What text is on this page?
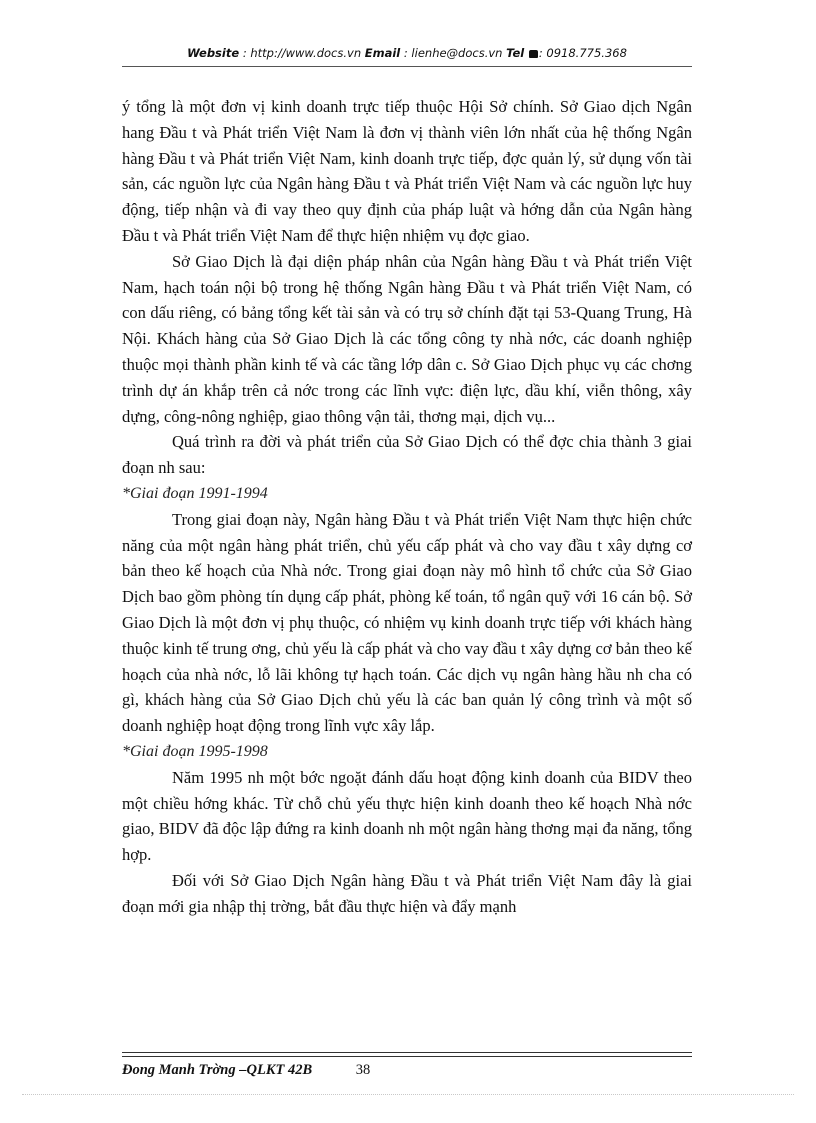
Website : http://www.docs.vn Email : lienhe@docs.vn Tel : 0918.775.368

ý tổng là một đơn vị kinh doanh trực tiếp thuộc Hội Sở chính. Sở Giao dịch Ngân hang Đầu t và Phát triển Việt Nam là đơn vị thành viên lớn nhất của hệ thống Ngân hàng Đầu t và Phát triển Việt Nam, kinh doanh trực tiếp, đợc quản lý, sử dụng vốn tài sản, các nguồn lực của Ngân hàng Đầu t và Phát triển Việt Nam và các nguồn lực huy động, tiếp nhận và đi vay theo quy định của pháp luật và hớng dẫn của Ngân hàng Đầu t và Phát triển Việt Nam để thực hiện nhiệm vụ đợc giao.

Sở Giao Dịch là đại diện pháp nhân của Ngân hàng Đầu t và Phát triển Việt Nam, hạch toán nội bộ trong hệ thống Ngân hàng Đầu t và Phát triển Việt Nam, có con dấu riêng, có bảng tổng kết tài sản và có trụ sở chính đặt tại 53-Quang Trung, Hà Nội. Khách hàng của Sở Giao Dịch là các tổng công ty nhà nớc, các doanh nghiệp thuộc mọi thành phần kinh tế và các tầng lớp dân c. Sở Giao Dịch phục vụ các chơng trình dự án khắp trên cả nớc trong các lĩnh vực: điện lực, dầu khí, viễn thông, xây dựng, công-nông nghiệp, giao thông vận tải, thơng mại, dịch vụ...

Quá trình ra đời và phát triển của Sở Giao Dịch có thể đợc chia thành 3 giai đoạn nh sau:

*Giai đoạn 1991-1994

Trong giai đoạn này, Ngân hàng Đầu t và Phát triển Việt Nam thực hiện chức năng của một ngân hàng phát triển, chủ yếu cấp phát và cho vay đầu t xây dựng cơ bản theo kế hoạch của Nhà nớc. Trong giai đoạn này mô hình tổ chức của Sở Giao Dịch bao gồm phòng tín dụng cấp phát, phòng kế toán, tổ ngân quỹ với 16 cán bộ. Sở Giao Dịch là một đơn vị phụ thuộc, có nhiệm vụ kinh doanh trực tiếp với khách hàng thuộc kinh tế trung ơng, chủ yếu là cấp phát và cho vay đầu t xây dựng cơ bản theo kế hoạch của nhà nớc, lỗ lãi không tự hạch toán. Các dịch vụ ngân hàng hầu nh cha có gì, khách hàng của Sở Giao Dịch chủ yếu là các ban quản lý công trình và một số doanh nghiệp hoạt động trong lĩnh vực xây lắp.

*Giai đoạn 1995-1998

Năm 1995 nh một bớc ngoặt đánh dấu hoạt động kinh doanh của BIDV theo một chiều hớng khác. Từ chỗ chủ yếu thực hiện kinh doanh theo kế hoạch Nhà nớc giao, BIDV đã độc lập đứng ra kinh doanh nh một ngân hàng thơng mại đa năng, tổng hợp.

Đối với Sở Giao Dịch Ngân hàng Đầu t và Phát triển Việt Nam đây là giai đoạn mới gia nhập thị trờng, bắt đầu thực hiện và đẩy mạnh

Đong Manh Trờng –QLKT 42B	38
